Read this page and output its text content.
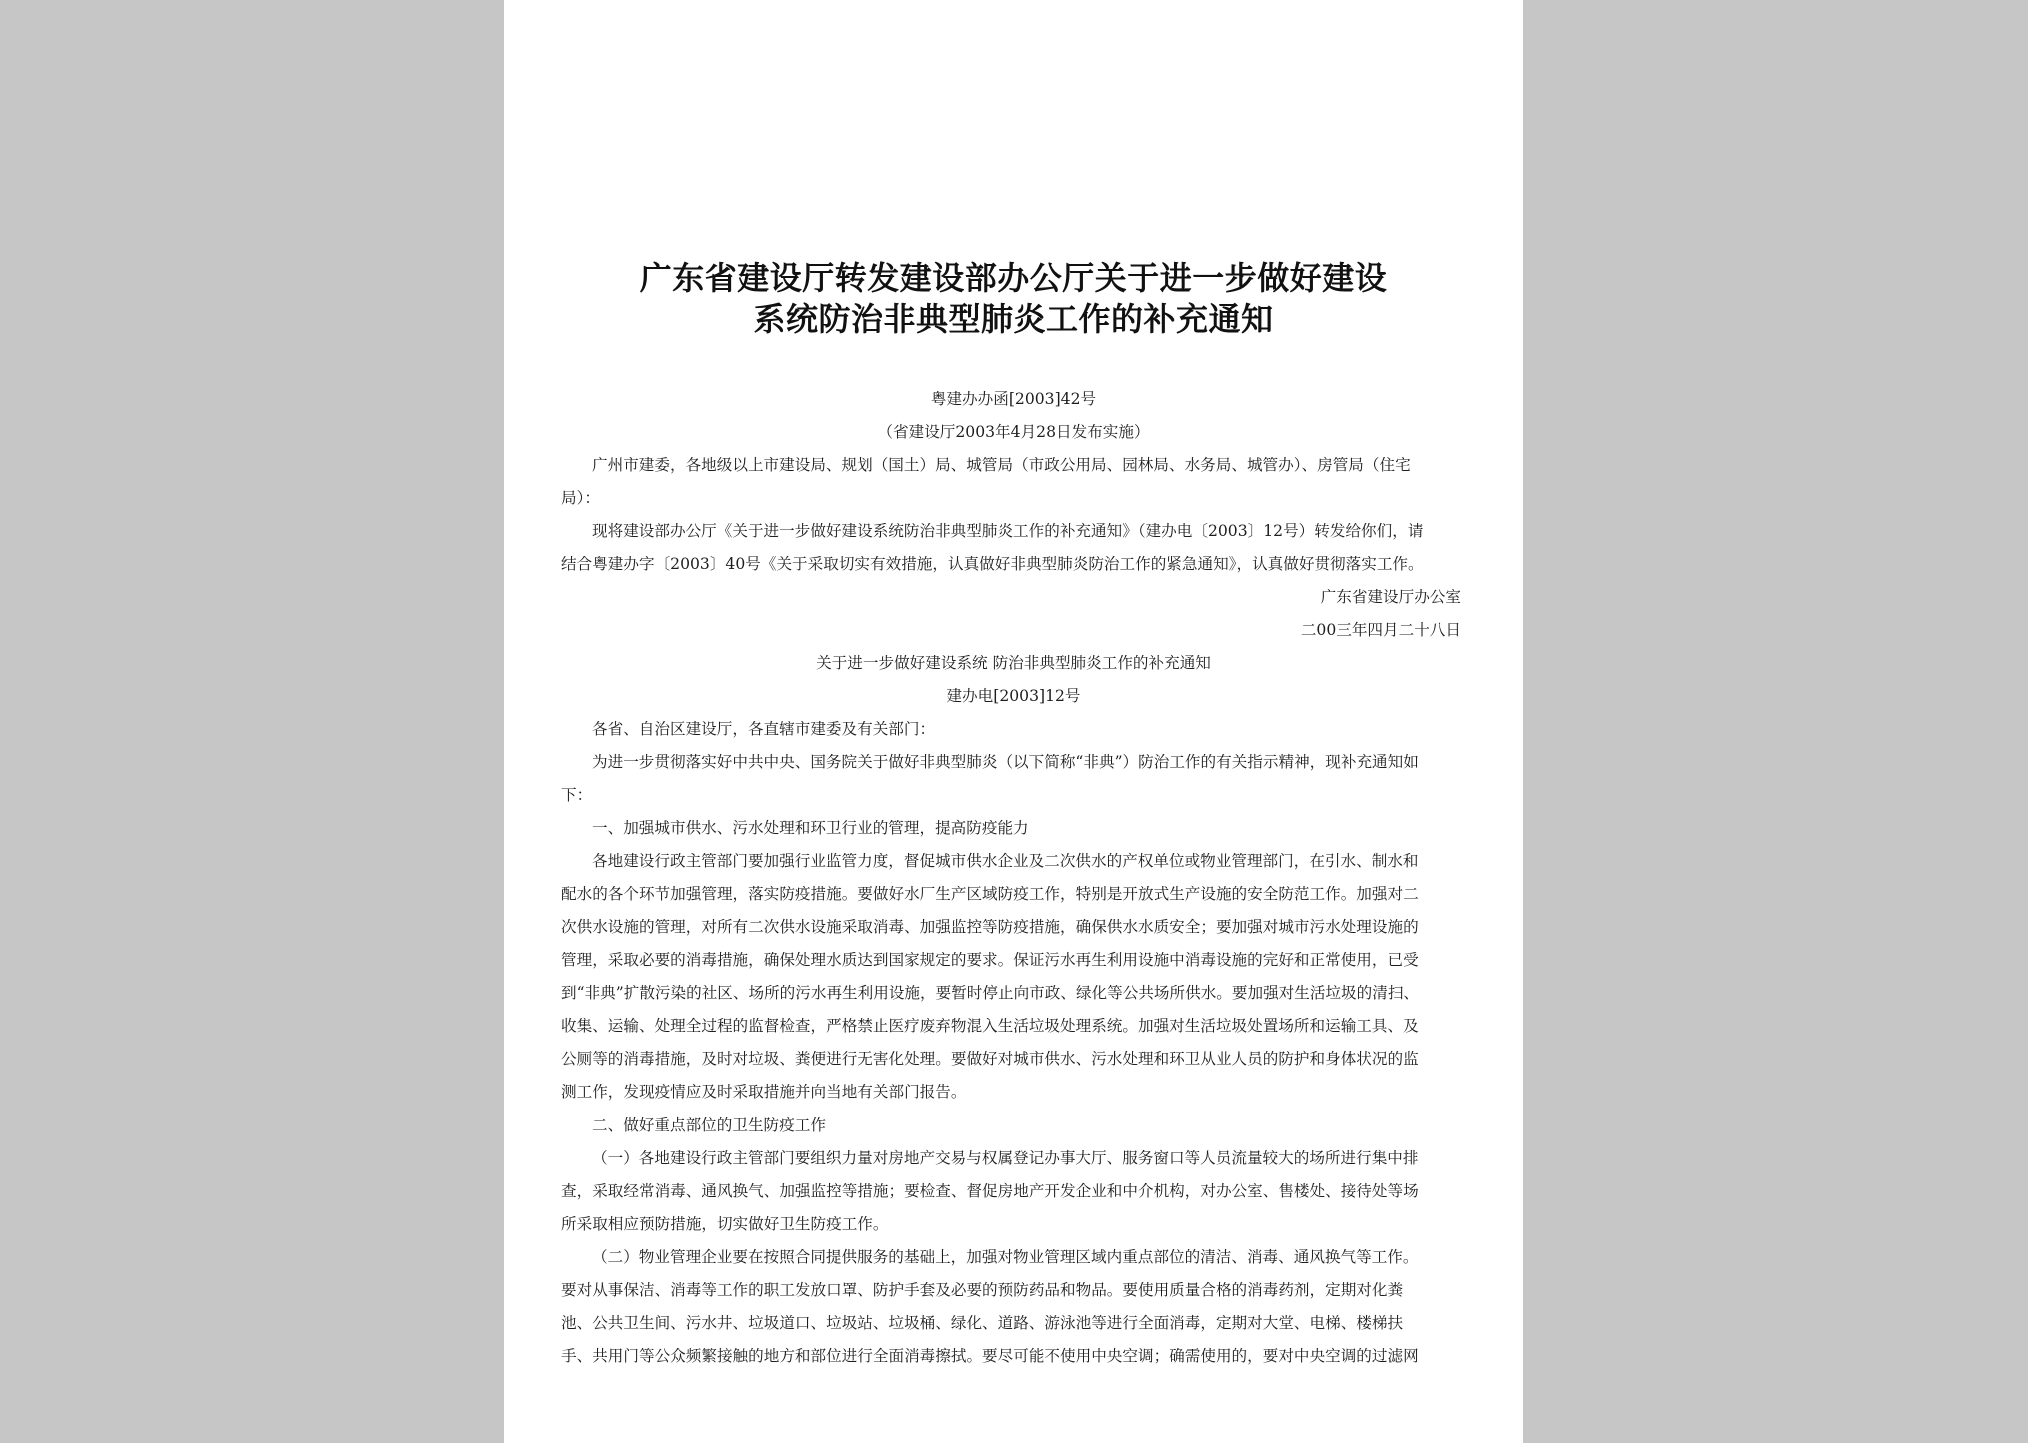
广东省建设厅转发建设部办公厅关于进一步做好建设
系统防治非典型肺炎工作的补充通知
粤建办办函[2003]42号
（省建设厅2003年4月28日发布实施）
广州市建委，各地级以上市建设局、规划（国土）局、城管局（市政公用局、园林局、水务局、城管办）、房管局（住宅
局）：
现将建设部办公厅《关于进一步做好建设系统防治非典型肺炎工作的补充通知》（建办电〔2003〕12号）转发给你们，请
结合粤建办字〔2003〕40号《关于采取切实有效措施，认真做好非典型肺炎防治工作的紧急通知》，认真做好贯彻落实工作。
广东省建设厅办公室
二00三年四月二十八日
关于进一步做好建设系统 防治非典型肺炎工作的补充通知
建办电[2003]12号
各省、自治区建设厅，各直辖市建委及有关部门：
为进一步贯彻落实好中共中央、国务院关于做好非典型肺炎（以下简称“非典”）防治工作的有关指示精神，现补充通知如
下：
一、加强城市供水、污水处理和环卫行业的管理，提高防疫能力
各地建设行政主管部门要加强行业监管力度，督促城市供水企业及二次供水的产权单位或物业管理部门，在引水、制水和
配水的各个环节加强管理，落实防疫措施。要做好水厂生产区域防疫工作，特别是开放式生产设施的安全防范工作。加强对二
次供水设施的管理，对所有二次供水设施采取消毒、加强监控等防疫措施，确保供水水质安全；要加强对城市污水处理设施的
管理，采取必要的消毒措施，确保处理水质达到国家规定的要求。保证污水再生利用设施中消毒设施的完好和正常使用，已受
到“非典”扩散污染的社区、场所的污水再生利用设施，要暂时停止向市政、绿化等公共场所供水。要加强对生活垃圾的清扫、
收集、运输、处理全过程的监督检查，严格禁止医疗废弃物混入生活垃圾处理系统。加强对生活垃圾处置场所和运输工具、及
公厕等的消毒措施，及时对垃圾、粪便进行无害化处理。要做好对城市供水、污水处理和环卫从业人员的防护和身体状况的监
测工作，发现疫情应及时采取措施并向当地有关部门报告。
二、做好重点部位的卫生防疫工作
（一）各地建设行政主管部门要组织力量对房地产交易与权属登记办事大厅、服务窗口等人员流量较大的场所进行集中排
查，采取经常消毒、通风换气、加强监控等措施；要检查、督促房地产开发企业和中介机构，对办公室、售楼处、接待处等场
所采取相应预防措施，切实做好卫生防疫工作。
（二）物业管理企业要在按照合同提供服务的基础上，加强对物业管理区域内重点部位的清洁、消毒、通风换气等工作。
要对从事保洁、消毒等工作的职工发放口罩、防护手套及必要的预防药品和物品。要使用质量合格的消毒药剂，定期对化粪
池、公共卫生间、污水井、垃圾道口、垃圾站、垃圾桶、绿化、道路、游泳池等进行全面消毒，定期对大堂、电梯、楼梯扶
手、共用门等公众频繁接触的地方和部位进行全面消毒擦拭。要尽可能不使用中央空调；确需使用的，要对中央空调的过滤网
